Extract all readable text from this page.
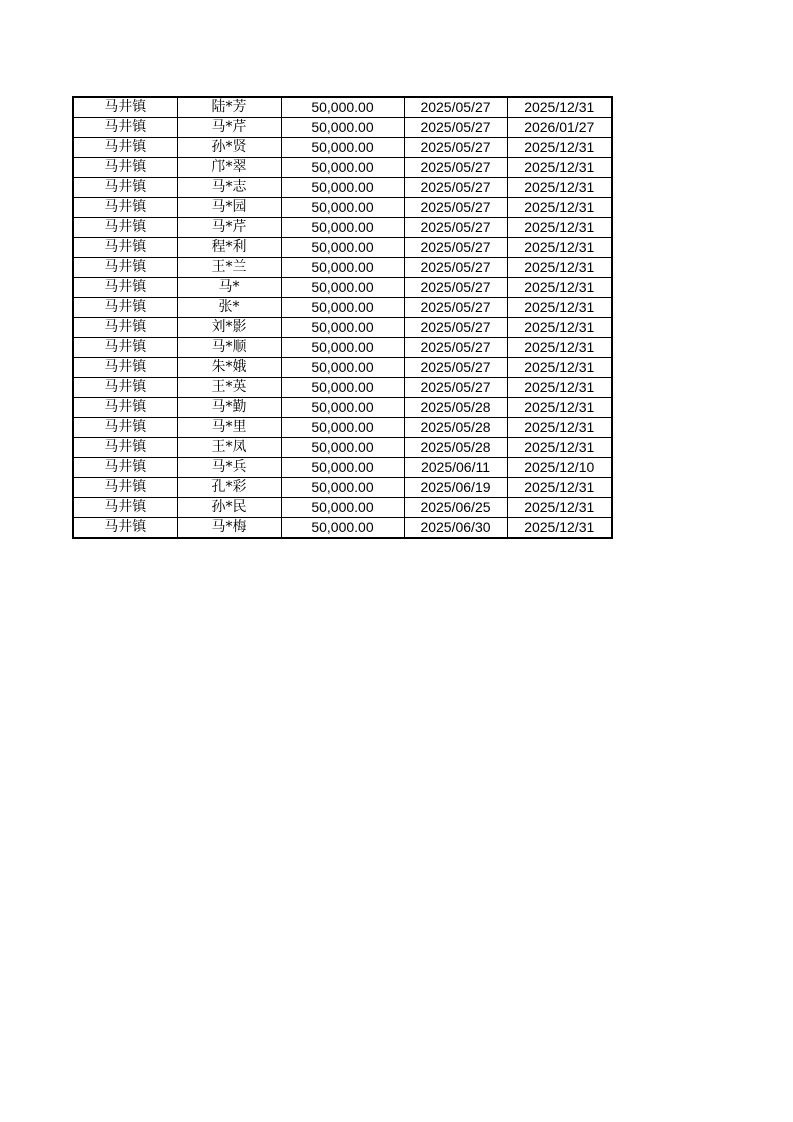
马井镇	陆*芳	50,000.00	2025/05/27	2025/12/31
马井镇	马*芹	50,000.00	2025/05/27	2026/01/27
马井镇	孙*贤	50,000.00	2025/05/27	2025/12/31
马井镇	邝*翠	50,000.00	2025/05/27	2025/12/31
马井镇	马*志	50,000.00	2025/05/27	2025/12/31
马井镇	马*园	50,000.00	2025/05/27	2025/12/31
马井镇	马*芹	50,000.00	2025/05/27	2025/12/31
马井镇	程*利	50,000.00	2025/05/27	2025/12/31
马井镇	王*兰	50,000.00	2025/05/27	2025/12/31
马井镇	马*	50,000.00	2025/05/27	2025/12/31
马井镇	张*	50,000.00	2025/05/27	2025/12/31
马井镇	刘*影	50,000.00	2025/05/27	2025/12/31
马井镇	马*顺	50,000.00	2025/05/27	2025/12/31
马井镇	朱*娥	50,000.00	2025/05/27	2025/12/31
马井镇	王*英	50,000.00	2025/05/27	2025/12/31
马井镇	马*勤	50,000.00	2025/05/28	2025/12/31
马井镇	马*里	50,000.00	2025/05/28	2025/12/31
马井镇	王*凤	50,000.00	2025/05/28	2025/12/31
马井镇	马*兵	50,000.00	2025/06/11	2025/12/10
马井镇	孔*彩	50,000.00	2025/06/19	2025/12/31
马井镇	孙*民	50,000.00	2025/06/25	2025/12/31
马井镇	马*梅	50,000.00	2025/06/30	2025/12/31
